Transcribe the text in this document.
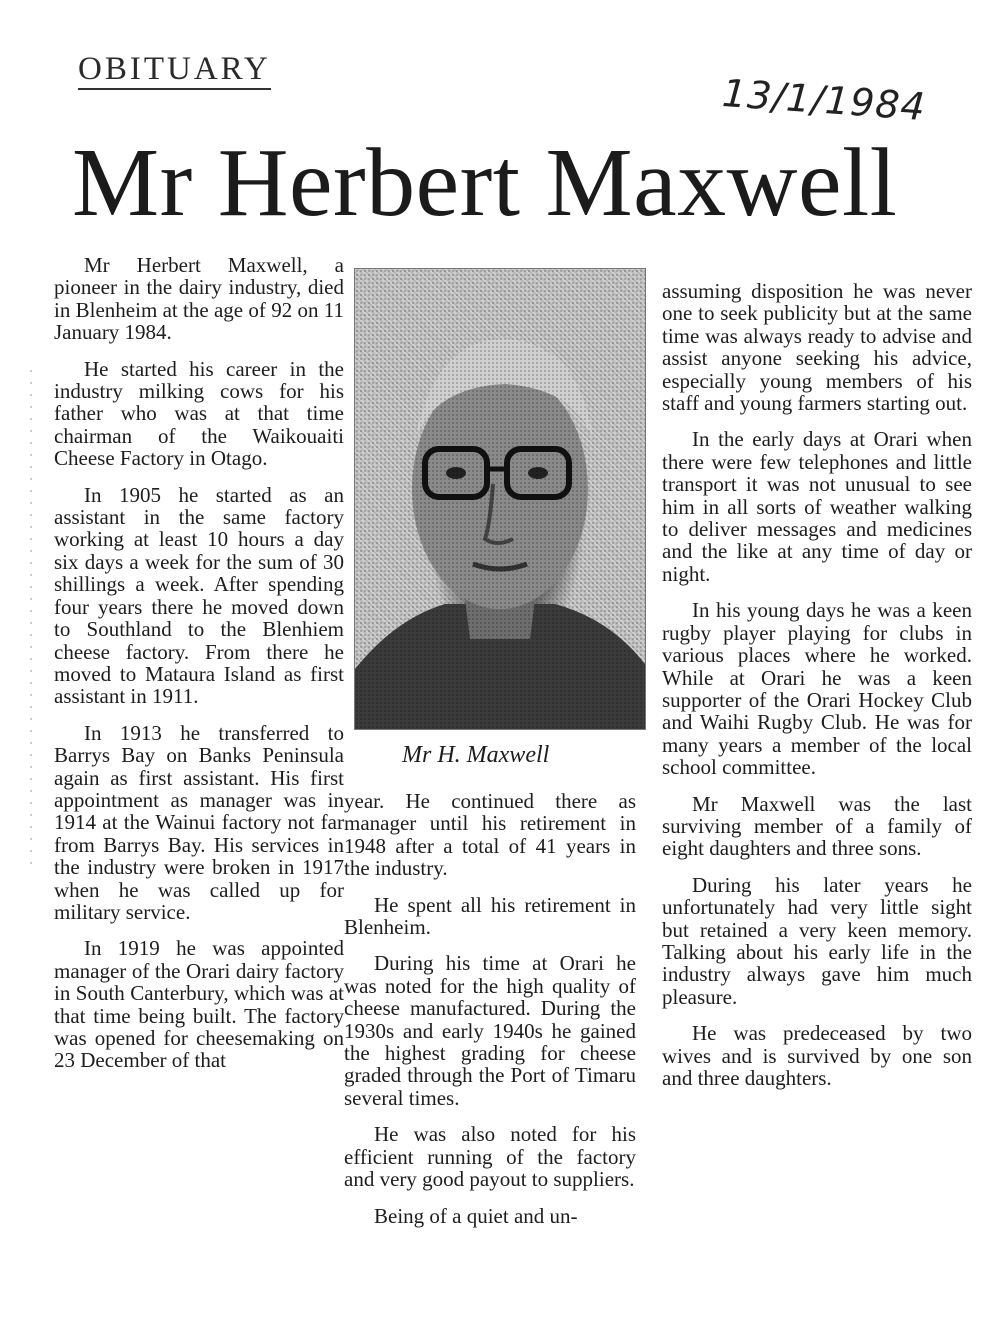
OBITUARY
13/1/1984
Mr Herbert Maxwell

Mr Herbert Maxwell, a pioneer in the dairy industry, died in Blenheim at the age of 92 on 11 January 1984.

He started his career in the industry milking cows for his father who was at that time chairman of the Waikouaiti Cheese Factory in Otago.

In 1905 he started as an assistant in the same factory working at least 10 hours a day six days a week for the sum of 30 shillings a week. After spending four years there he moved down to Southland to the Blenhiem cheese factory. From there he moved to Mataura Island as first assistant in 1911.

In 1913 he transferred to Barrys Bay on Banks Peninsula again as first assistant. His first appointment as manager was in 1914 at the Wainui factory not far from Barrys Bay. His services in the industry were broken in 1917 when he was called up for military service.

In 1919 he was appointed manager of the Orari dairy factory in South Canterbury, which was at that time being built. The factory was opened for cheesemaking on 23 December of that

Mr H. Maxwell

year. He continued there as manager until his retirement in 1948 after a total of 41 years in the industry.

He spent all his retirement in Blenheim.

During his time at Orari he was noted for the high quality of cheese manufactured. During the 1930s and early 1940s he gained the highest grading for cheese graded through the Port of Timaru several times.

He was also noted for his efficient running of the factory and very good payout to suppliers.

Being of a quiet and un-

assuming disposition he was never one to seek publicity but at the same time was always ready to advise and assist anyone seeking his advice, especially young members of his staff and young farmers starting out.

In the early days at Orari when there were few telephones and little transport it was not unusual to see him in all sorts of weather walking to deliver messages and medicines and the like at any time of day or night.

In his young days he was a keen rugby player playing for clubs in various places where he worked. While at Orari he was a keen supporter of the Orari Hockey Club and Waihi Rugby Club. He was for many years a member of the local school committee.

Mr Maxwell was the last surviving member of a family of eight daughters and three sons.

During his later years he unfortunately had very little sight but retained a very keen memory. Talking about his early life in the industry always gave him much pleasure.

He was predeceased by two wives and is survived by one son and three daughters.
